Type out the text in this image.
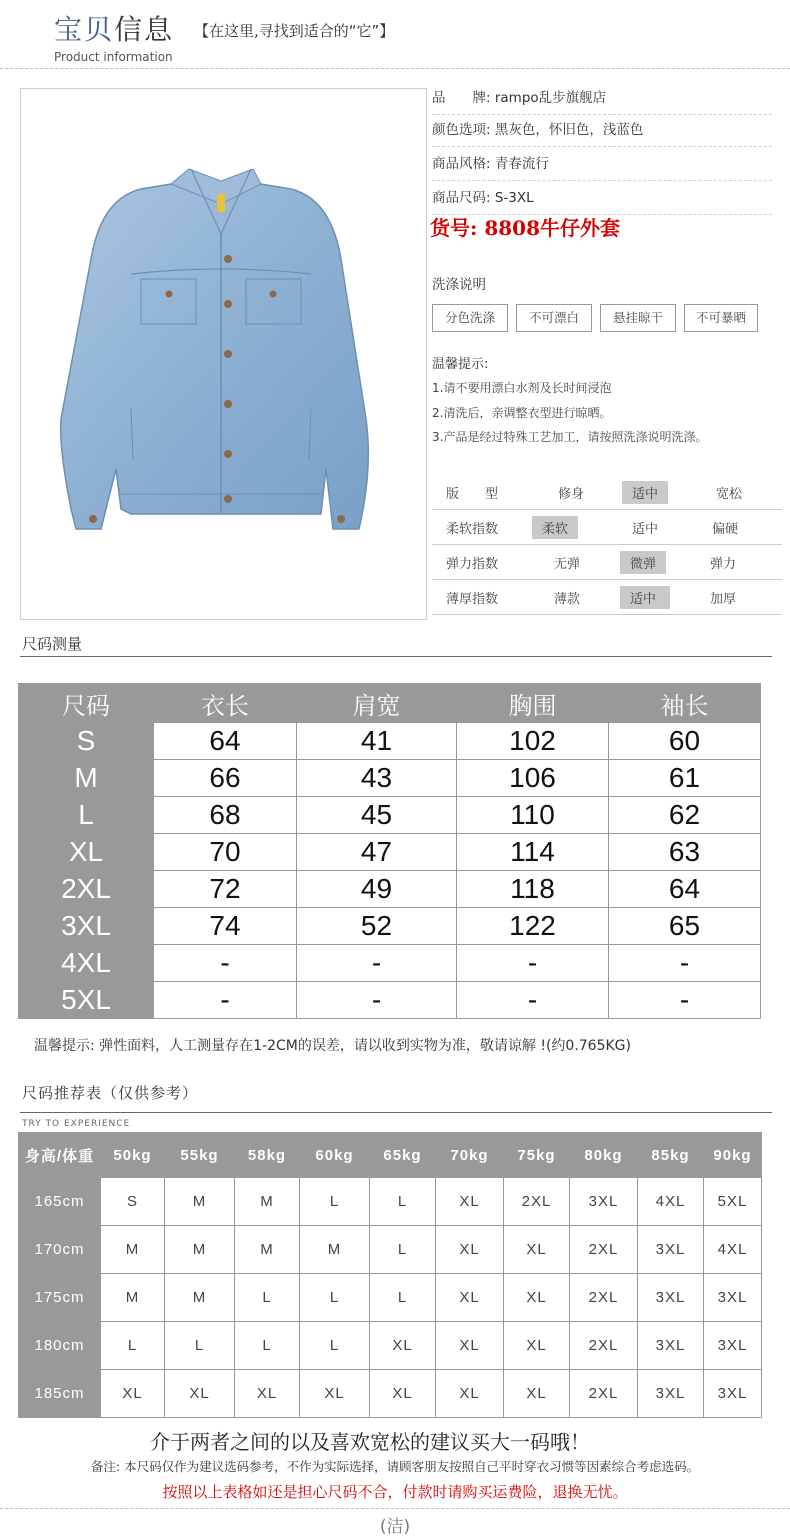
宝贝信息 【在这里,寻找到适合的“它”】
Product information
品　　牌: rampo乱步旗舰店
颜色选项: 黑灰色，怀旧色，浅蓝色
商品风格: 青春流行
商品尺码: S-3XL
货号: 8808牛仔外套
洗涤说明
分色洗涤	不可漂白	悬挂晾干	不可暴晒
温馨提示:
1.请不要用漂白水剂及长时间浸泡
2.清洗后，亲调整衣型进行晾晒。
3.产品是经过特殊工艺加工，请按照洗涤说明洗涤。
版　　型	修身	适中	宽松
柔软指数	柔软	适中	偏硬
弹力指数	无弹	微弹	弹力
薄厚指数	薄款	适中	加厚
尺码测量
尺码	衣长	肩宽	胸围	袖长
S	64	41	102	60
M	66	43	106	61
L	68	45	110	62
XL	70	47	114	63
2XL	72	49	118	64
3XL	74	52	122	65
4XL	-	-	-	-
5XL	-	-	-	-
温馨提示: 弹性面料，人工测量存在1-2CM的误差，请以收到实物为准，敬请谅解 !(约0.765KG)
尺码推荐表（仅供参考）
TRY TO EXPERIENCE
身高/体重	50kg	55kg	58kg	60kg	65kg	70kg	75kg	80kg	85kg	90kg
165cm	S	M	M	L	L	XL	2XL	3XL	4XL	5XL
170cm	M	M	M	M	L	XL	XL	2XL	3XL	4XL
175cm	M	M	L	L	L	XL	XL	2XL	3XL	3XL
180cm	L	L	L	L	XL	XL	XL	2XL	3XL	3XL
185cm	XL	XL	XL	XL	XL	XL	XL	2XL	3XL	3XL
介于两者之间的以及喜欢宽松的建议买大一码哦！
备注: 本尺码仅作为建议选码参考，不作为实际选择，请顾客朋友按照自己平时穿衣习惯等因素综合考虑选码。
按照以上表格如还是担心尺码不合，付款时请购买运费险，退换无忧。
(洁)
